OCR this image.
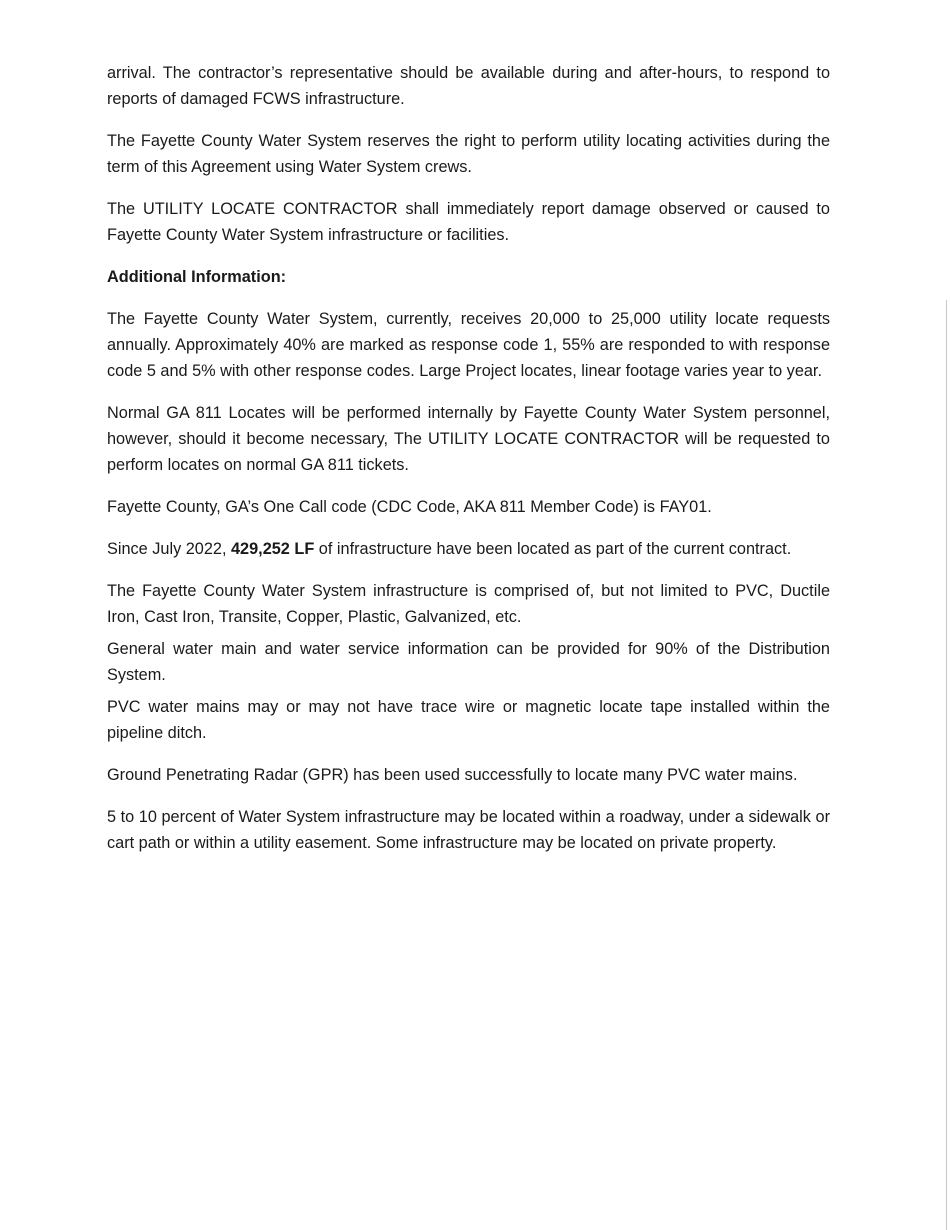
arrival. The contractor’s representative should be available during and after-hours, to respond to reports of damaged FCWS infrastructure.

The Fayette County Water System reserves the right to perform utility locating activities during the term of this Agreement using Water System crews.

The UTILITY LOCATE CONTRACTOR shall immediately report damage observed or caused to Fayette County Water System infrastructure or facilities.

Additional Information:

The Fayette County Water System, currently, receives 20,000 to 25,000 utility locate requests annually. Approximately 40% are marked as response code 1, 55% are responded to with response code 5 and 5% with other response codes. Large Project locates, linear footage varies year to year.

Normal GA 811 Locates will be performed internally by Fayette County Water System personnel, however, should it become necessary, The UTILITY LOCATE CONTRACTOR will be requested to perform locates on normal GA 811 tickets.

Fayette County, GA’s One Call code (CDC Code, AKA 811 Member Code) is FAY01.

Since July 2022, 429,252 LF of infrastructure have been located as part of the current contract.

The Fayette County Water System infrastructure is comprised of, but not limited to PVC, Ductile Iron, Cast Iron, Transite, Copper, Plastic, Galvanized, etc.

General water main and water service information can be provided for 90% of the Distribution System.

PVC water mains may or may not have trace wire or magnetic locate tape installed within the pipeline ditch.

Ground Penetrating Radar (GPR) has been used successfully to locate many PVC water mains.

5 to 10 percent of Water System infrastructure may be located within a roadway, under a sidewalk or cart path or within a utility easement. Some infrastructure may be located on private property.
